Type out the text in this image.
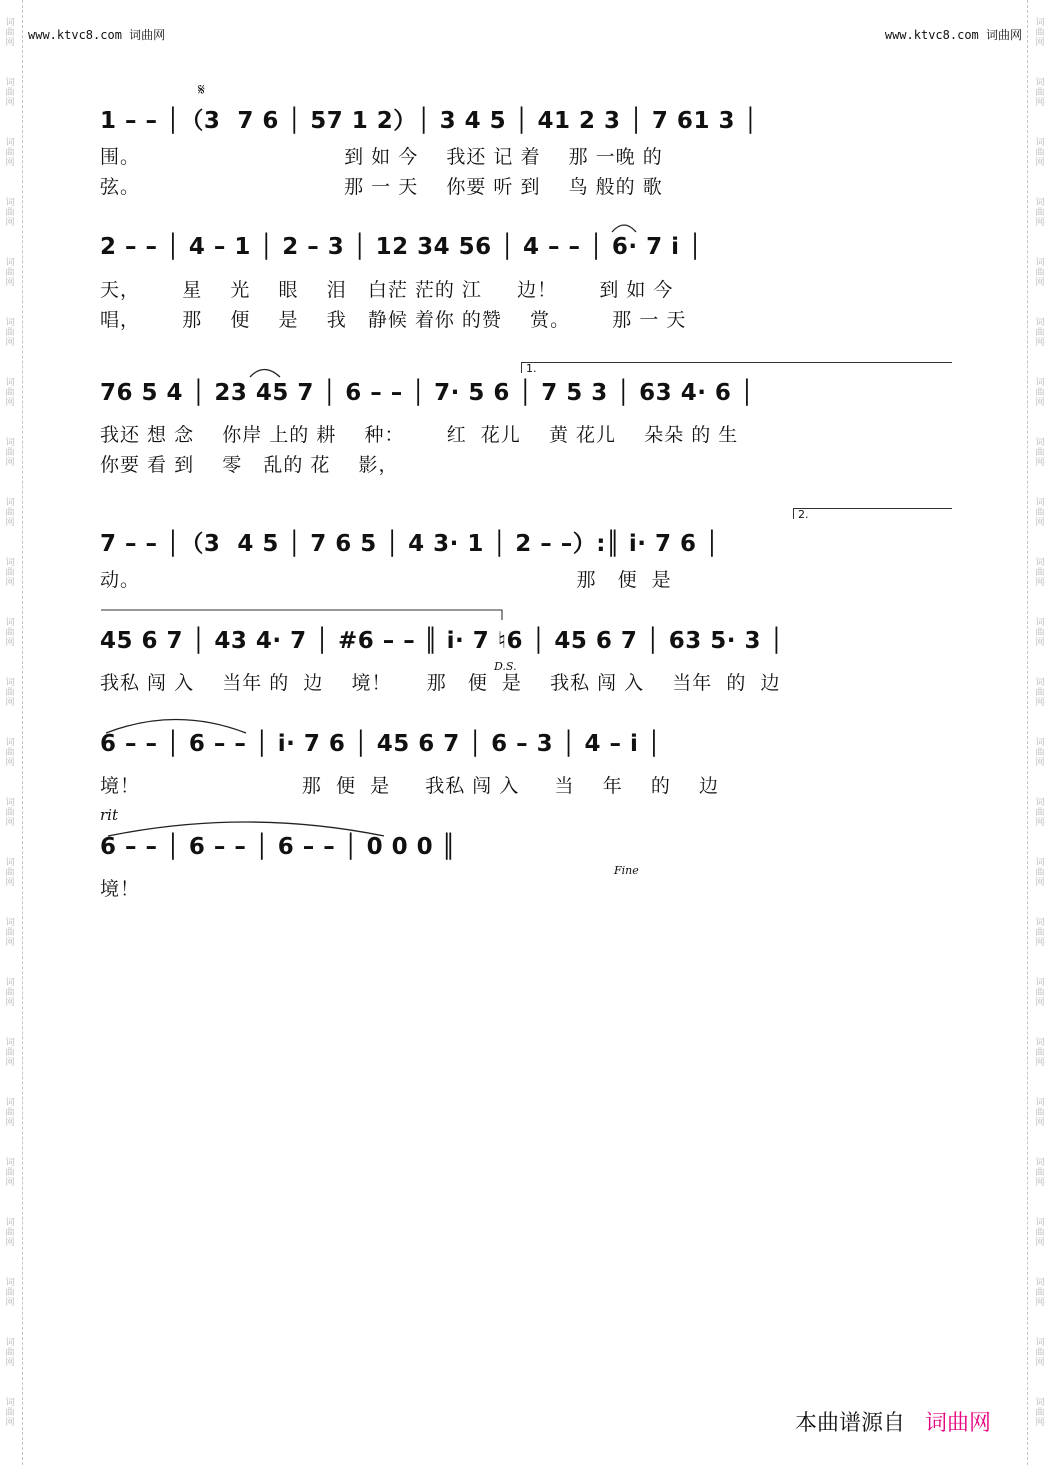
词
曲
网
词
曲
网
词
曲
网
词
曲
网
词
曲
网
词
曲
网
词
曲
网
词
曲
网
词
曲
网
词
曲
网
词
曲
网
词
曲
网
词
曲
网
词
曲
网
词
曲
网
词
曲
网
词
曲
网
词
曲
网
词
曲
网
词
曲
网
词
曲
网
词
曲
网
词
曲
网
词
曲
网
词
曲
网
词
曲
网
词
曲
网
词
曲
网
词
曲
网
词
曲
网
词
曲
网
词
曲
网
词
曲
网
词
曲
网
词
曲
网
词
曲
网
词
曲
网
词
曲
网
词
曲
网
词
曲
网
词
曲
网
词
曲
网
词
曲
网
词
曲
网
词
曲
网
词
曲
网
词
曲
网
词
曲
网
www.ktvc8.com 词曲网	www.ktvc8.com 词曲网
1 – – │（3  7 6 │ 57 1 2）│ 3 4 5 │ 41 2 3 │ 7 61 3 │
围。                             到 如 今    我还 记 着    那 一晚 的
弦。                             那 一 天    你要 听 到    鸟 般的 歌
2 – – │ 4 – 1 │ 2 – 3 │ 12 34 56 │ 4 – – │ 6· 7 i │
天，      星    光    眼    泪   白茫 茫的 江     边！      到 如 今
唱，      那    便    是    我   静候 着你 的赞    赏。      那 一 天
76 5 4 │ 23 45 7 │ 6 – – │ 7· 5 6 │ 7 5 3 │ 63 4· 6 │
我还 想 念    你岸 上的 耕    种：      红  花儿    黄 花儿    朵朵 的 生
你要 看 到    零   乱的 花    影，
7 – – │（3  4 5 │ 7 6 5 │ 4 3· 1 │ 2 – –）:║ i· 7 6 │
动。                                                              那   便  是
45 6 7 │ 43 4· 7 │ #6 – – ║ i· 7 ♮6 │ 45 6 7 │ 63 5· 3 │
我私 闯 入    当年 的  边    境！     那   便  是    我私 闯 入    当年  的  边
6 – – │ 6 – – │ i· 7 6 │ 45 6 7 │ 6 – 3 │ 4 – i │
境！                       那  便  是     我私 闯 入     当    年    的    边
6 – – │ 6 – – │ 6 – – │ 0 0 0 ║
境！
𝄋
1.
2.
D.S.
rit
Fine
本曲谱源自 词曲网
